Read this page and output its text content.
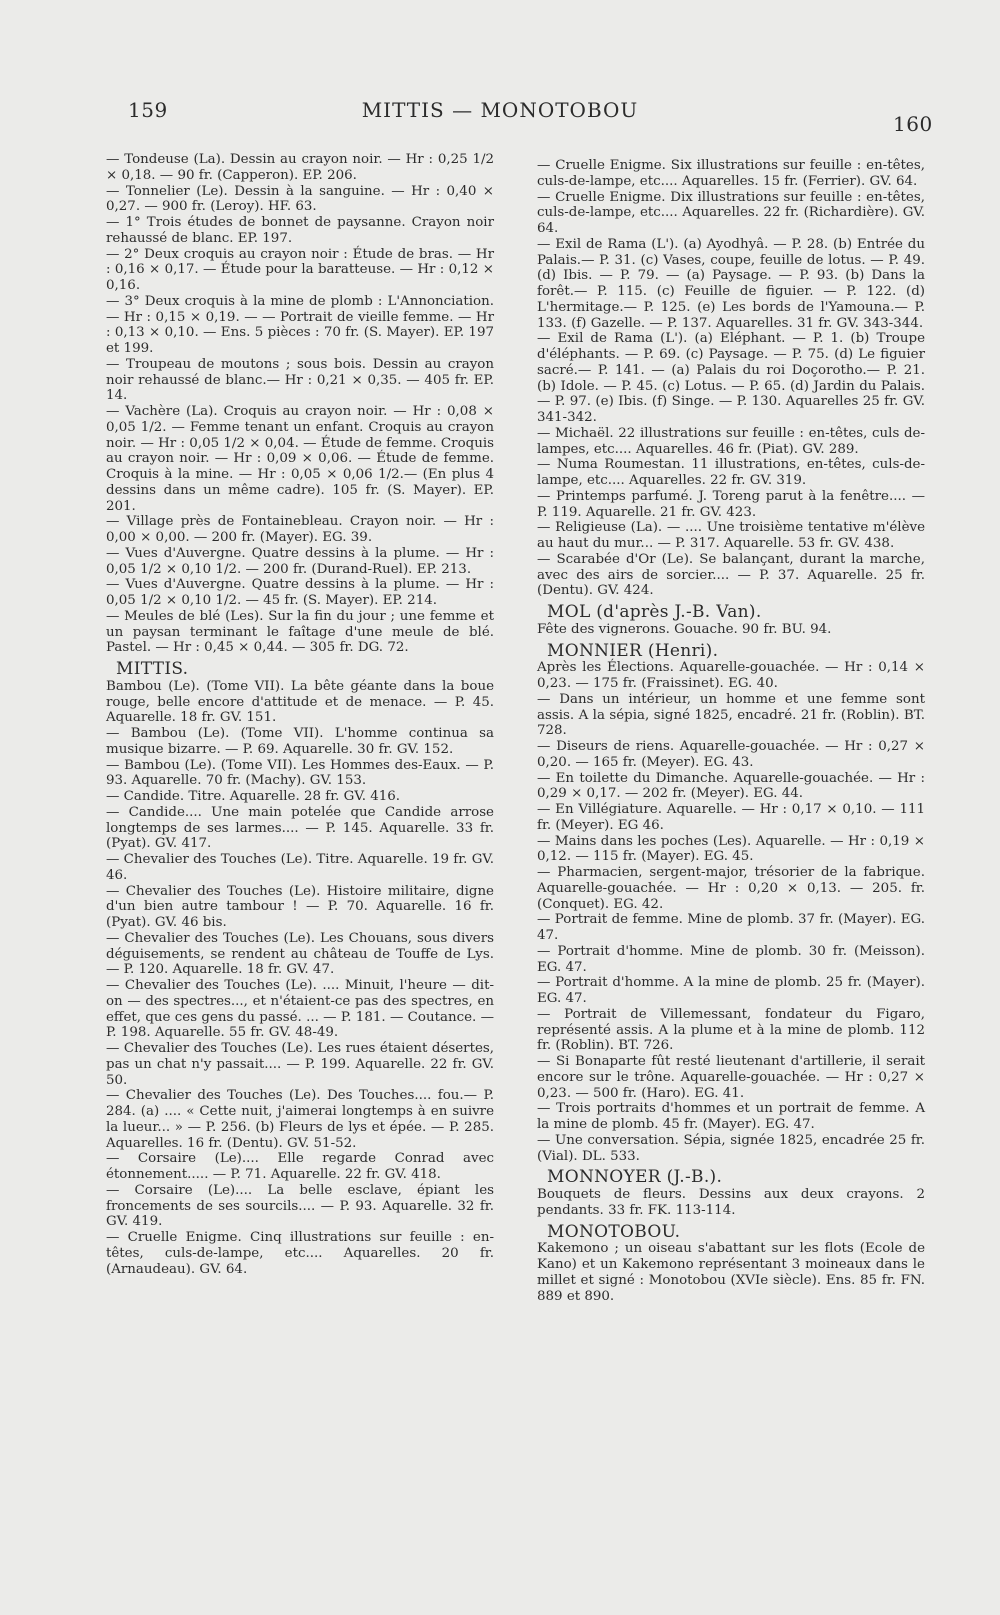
159	MITTIS — MONOTOBOU
160

— Tondeuse (La). Dessin au crayon noir. — Hr : 0,25 1/2 × 0,18. — 90 fr. (Capperon). EP. 206.

— Tonnelier (Le). Dessin à la sanguine. — Hr : 0,40 × 0,27. — 900 fr. (Leroy). HF. 63.

— 1° Trois études de bonnet de paysanne. Crayon noir rehaussé de blanc. EP. 197.

— 2° Deux croquis au crayon noir : Étude de bras. — Hr : 0,16 × 0,17. — Étude pour la baratteuse. — Hr : 0,12 × 0,16.

— 3° Deux croquis à la mine de plomb : L'Annonciation. — Hr : 0,15 × 0,19. — — Portrait de vieille femme. — Hr : 0,13 × 0,10. — Ens. 5 pièces : 70 fr. (S. Mayer). EP. 197 et 199.

— Troupeau de moutons ; sous bois. Dessin au crayon noir rehaussé de blanc.— Hr : 0,21 × 0,35. — 405 fr. EP. 14.

— Vachère (La). Croquis au crayon noir. — Hr : 0,08 × 0,05 1/2. — Femme tenant un enfant. Croquis au crayon noir. — Hr : 0,05 1/2 × 0,04. — Étude de femme. Croquis au crayon noir. — Hr : 0,09 × 0,06. — Étude de femme. Croquis à la mine. — Hr : 0,05 × 0,06 1/2.— (En plus 4 dessins dans un même cadre). 105 fr. (S. Mayer). EP. 201.

— Village près de Fontainebleau. Crayon noir. — Hr : 0,00 × 0,00. — 200 fr. (Mayer). EG. 39.

— Vues d'Auvergne. Quatre dessins à la plume. — Hr : 0,05 1/2 × 0,10 1/2. — 200 fr. (Durand-Ruel). EP. 213.

— Vues d'Auvergne. Quatre dessins à la plume. — Hr : 0,05 1/2 × 0,10 1/2. — 45 fr. (S. Mayer). EP. 214.

— Meules de blé (Les). Sur la fin du jour ; une femme et un paysan terminant le faîtage d'une meule de blé. Pastel. — Hr : 0,45 × 0,44. — 305 fr. DG. 72.

MITTIS.

Bambou (Le). (Tome VII). La bête géante dans la boue rouge, belle encore d'attitude et de menace. — P. 45. Aquarelle. 18 fr. GV. 151.

— Bambou (Le). (Tome VII). L'homme continua sa musique bizarre. — P. 69. Aquarelle. 30 fr. GV. 152.

— Bambou (Le). (Tome VII). Les Hommes des-Eaux. — P. 93. Aquarelle. 70 fr. (Machy). GV. 153.

— Candide. Titre. Aquarelle. 28 fr. GV. 416.

— Candide.... Une main potelée que Candide arrose longtemps de ses larmes.... — P. 145. Aquarelle. 33 fr. (Pyat). GV. 417.

— Chevalier des Touches (Le). Titre. Aquarelle. 19 fr. GV. 46.

— Chevalier des Touches (Le). Histoire militaire, digne d'un bien autre tambour ! — P. 70. Aquarelle. 16 fr. (Pyat). GV. 46 bis.

— Chevalier des Touches (Le). Les Chouans, sous divers déguisements, se rendent au château de Touffe de Lys. — P. 120. Aquarelle. 18 fr. GV. 47.

— Chevalier des Touches (Le). .... Minuit, l'heure — dit-on — des spectres..., et n'étaient-ce pas des spectres, en effet, que ces gens du passé. ... — P. 181. — Coutance. — P. 198. Aquarelle. 55 fr. GV. 48-49.

— Chevalier des Touches (Le). Les rues étaient désertes, pas un chat n'y passait.... — P. 199. Aquarelle. 22 fr. GV. 50.

— Chevalier des Touches (Le). Des Touches.... fou.— P. 284. (a) .... « Cette nuit, j'aimerai longtemps à en suivre la lueur... » — P. 256. (b) Fleurs de lys et épée. — P. 285. Aquarelles. 16 fr. (Dentu). GV. 51-52.

— Corsaire (Le).... Elle regarde Conrad avec étonnement..... — P. 71. Aquarelle. 22 fr. GV. 418.

— Corsaire (Le).... La belle esclave, épiant les froncements de ses sourcils.... — P. 93. Aquarelle. 32 fr. GV. 419.

— Cruelle Enigme. Cinq illustrations sur feuille : en-têtes, culs-de-lampe, etc.... Aquarelles. 20 fr. (Arnaudeau). GV. 64.

— Cruelle Enigme. Six illustrations sur feuille : en-têtes, culs-de-lampe, etc.... Aquarelles. 15 fr. (Ferrier). GV. 64.

— Cruelle Enigme. Dix illustrations sur feuille : en-têtes, culs-de-lampe, etc.... Aquarelles. 22 fr. (Richardière). GV. 64.

— Exil de Rama (L'). (a) Ayodhyâ. — P. 28. (b) Entrée du Palais.— P. 31. (c) Vases, coupe, feuille de lotus. — P. 49. (d) Ibis. — P. 79. — (a) Paysage. — P. 93. (b) Dans la forêt.— P. 115. (c) Feuille de figuier. — P. 122. (d) L'hermitage.— P. 125. (e) Les bords de l'Yamouna.— P. 133. (f) Gazelle. — P. 137. Aquarelles. 31 fr. GV. 343-344.

— Exil de Rama (L'). (a) Eléphant. — P. 1. (b) Troupe d'éléphants. — P. 69. (c) Paysage. — P. 75. (d) Le figuier sacré.— P. 141. — (a) Palais du roi Doçorotho.— P. 21. (b) Idole. — P. 45. (c) Lotus. — P. 65. (d) Jardin du Palais.— P. 97. (e) Ibis. (f) Singe. — P. 130. Aquarelles 25 fr. GV. 341-342.

— Michaël. 22 illustrations sur feuille : en-têtes, culs de-lampes, etc.... Aquarelles. 46 fr. (Piat). GV. 289.

— Numa Roumestan. 11 illustrations, en-têtes, culs-de-lampe, etc.... Aquarelles. 22 fr. GV. 319.

— Printemps parfumé. J. Toreng parut à la fenêtre.... — P. 119. Aquarelle. 21 fr. GV. 423.

— Religieuse (La). — .... Une troisième tentative m'élève au haut du mur... — P. 317. Aquarelle. 53 fr. GV. 438.

— Scarabée d'Or (Le). Se balançant, durant la marche, avec des airs de sorcier.... — P. 37. Aquarelle. 25 fr. (Dentu). GV. 424.

MOL (d'après J.-B. Van).

Fête des vignerons. Gouache. 90 fr. BU. 94.

MONNIER (Henri).

Après les Élections. Aquarelle-gouachée. — Hr : 0,14 × 0,23. — 175 fr. (Fraissinet). EG. 40.

— Dans un intérieur, un homme et une femme sont assis. A la sépia, signé 1825, encadré. 21 fr. (Roblin). BT. 728.

— Diseurs de riens. Aquarelle-gouachée. — Hr : 0,27 × 0,20. — 165 fr. (Meyer). EG. 43.

— En toilette du Dimanche. Aquarelle-gouachée. — Hr : 0,29 × 0,17. — 202 fr. (Meyer). EG. 44.

— En Villégiature. Aquarelle. — Hr : 0,17 × 0,10. — 111 fr. (Meyer). EG 46.

— Mains dans les poches (Les). Aquarelle. — Hr : 0,19 × 0,12. — 115 fr. (Mayer). EG. 45.

— Pharmacien, sergent-major, trésorier de la fabrique. Aquarelle-gouachée. — Hr : 0,20 × 0,13. — 205. fr. (Conquet). EG. 42.

— Portrait de femme. Mine de plomb. 37 fr. (Mayer). EG. 47.

— Portrait d'homme. Mine de plomb. 30 fr. (Meisson). EG. 47.

— Portrait d'homme. A la mine de plomb. 25 fr. (Mayer). EG. 47.

— Portrait de Villemessant, fondateur du Figaro, représenté assis. A la plume et à la mine de plomb. 112 fr. (Roblin). BT. 726.

— Si Bonaparte fût resté lieutenant d'artillerie, il serait encore sur le trône. Aquarelle-gouachée. — Hr : 0,27 × 0,23. — 500 fr. (Haro). EG. 41.

— Trois portraits d'hommes et un portrait de femme. A la mine de plomb. 45 fr. (Mayer). EG. 47.

— Une conversation. Sépia, signée 1825, encadrée 25 fr. (Vial). DL. 533.

MONNOYER (J.-B.).

Bouquets de fleurs. Dessins aux deux crayons. 2 pendants. 33 fr. FK. 113-114.

MONOTOBOU.

Kakemono ; un oiseau s'abattant sur les flots (Ecole de Kano) et un Kakemono représentant 3 moineaux dans le millet et signé : Monotobou (XVIe siècle). Ens. 85 fr. FN. 889 et 890.
